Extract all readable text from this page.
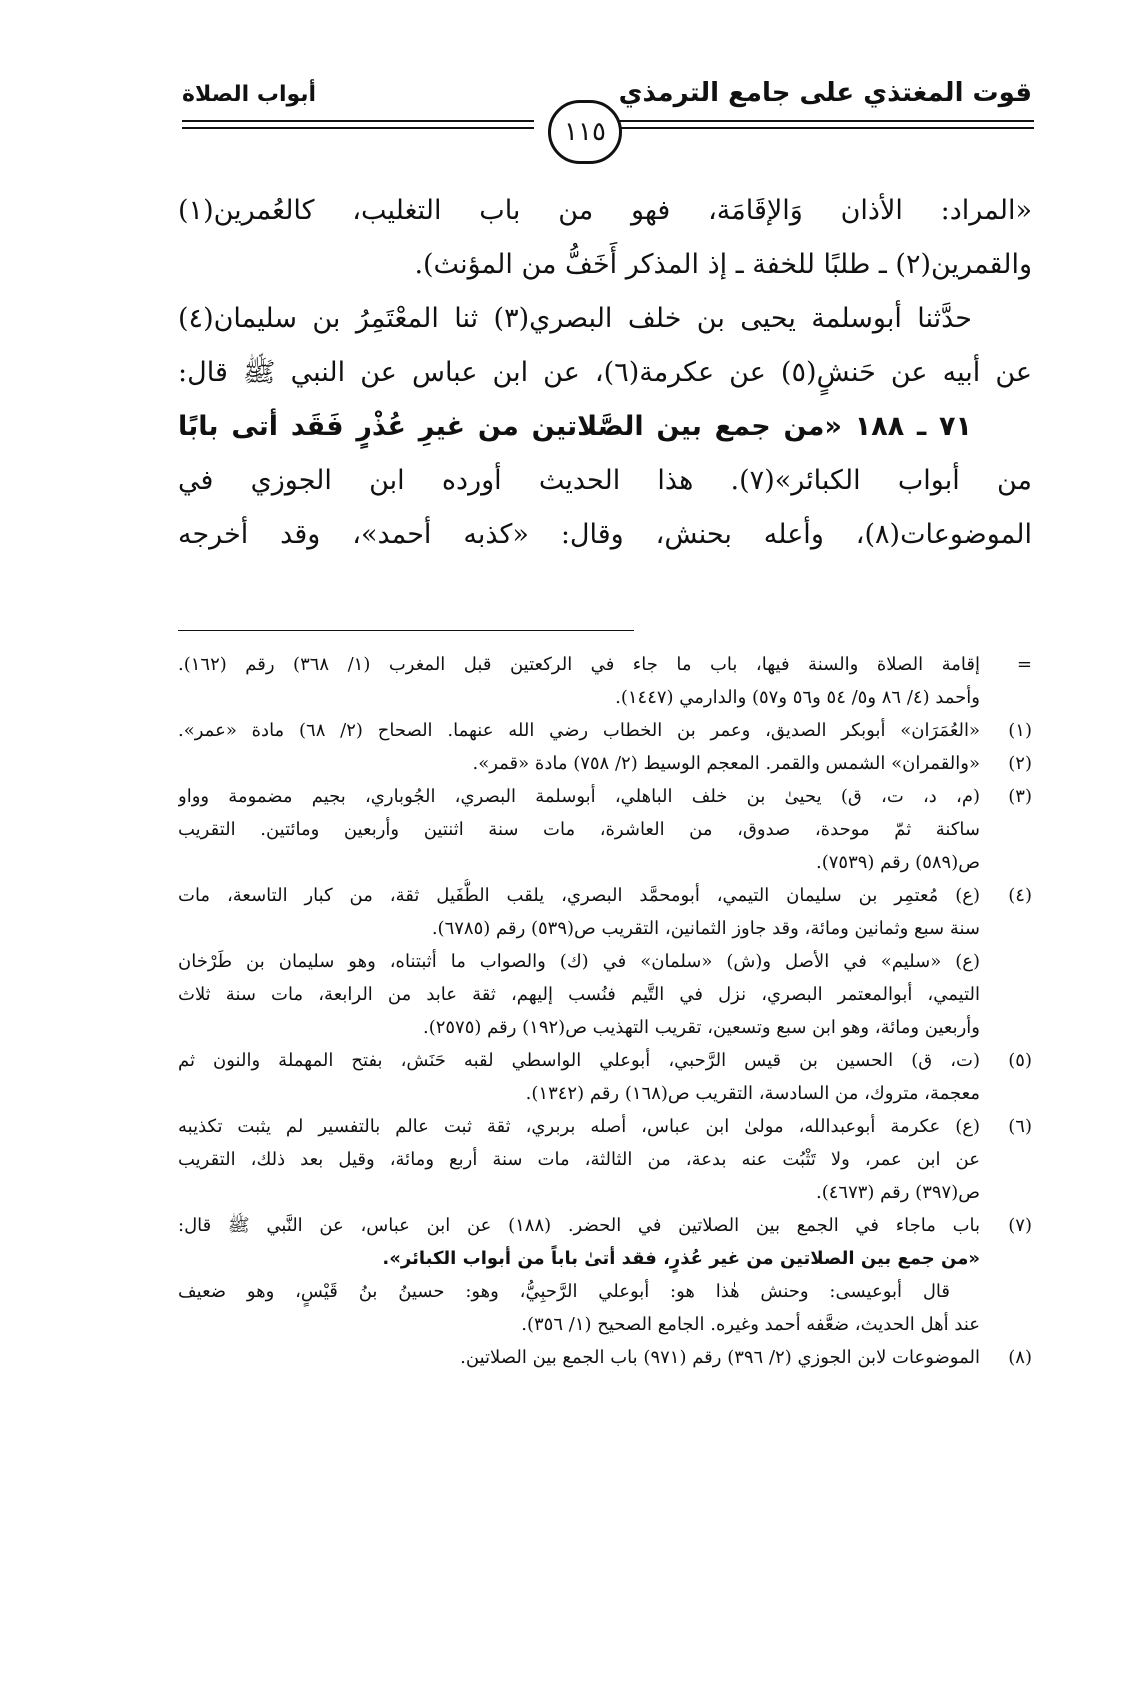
قوت المغتذي على جامع الترمذي
أبواب الصلاة
١١٥
«المراد: الأذان وَالإقَامَة، فهو من باب التغليب، كالعُمرين(١)
والقمرين(٢) ـ طلبًا للخفة ـ إذ المذكر أَخَفُّ من المؤنث).
حدَّثنا أبوسلمة يحيى بن خلف البصري(٣) ثنا المعْتَمِرُ بن سليمان(٤)
عن أبيه عن حَنشٍ(٥) عن عكرمة(٦)، عن ابن عباس عن النبي ﷺ قال:
٧١ ـ ١٨٨ «من جمع بين الصَّلاتين من غيرِ عُذْرٍ فَقَد أتى بابًا
من أبواب الكبائر»(٧). هذا الحديث أورده ابن الجوزي في
الموضوعات(٨)، وأعله بحنش، وقال: «كذبه أحمد»، وقد أخرجه
=
إقامة الصلاة والسنة فيها، باب ما جاء في الركعتين قبل المغرب (١/ ٣٦٨) رقم (١٦٢).
وأحمد (٤/ ٨٦ و٥/ ٥٤ و٥٦ و٥٧) والدارمي (١٤٤٧).
(١)
«العُمَرَان» أبوبكر الصديق، وعمر بن الخطاب رضي الله عنهما. الصحاح (٢/ ٦٨) مادة «عمر».
(٢)
«والقمران» الشمس والقمر. المعجم الوسيط (٢/ ٧٥٨) مادة «قمر».
(٣)
(م، د، ت، ق) يحيىٰ بن خلف الباهلي، أبوسلمة البصري، الجُوباري، بجيم مضمومة وواو
ساكنة ثمّ موحدة، صدوق، من العاشرة، مات سنة اثنتين وأربعين ومائتين. التقريب
ص(٥٨٩) رقم (٧٥٣٩).
(٤)
(ع) مُعتمِر بن سليمان التيمي، أبومحمَّد البصري، يلقب الطُّفَيل ثقة، من كبار التاسعة، مات
سنة سبع وثمانين ومائة، وقد جاوز الثمانين، التقريب ص(٥٣٩) رقم (٦٧٨٥).
(ع) «سليم» في الأصل و(ش) «سلمان» في (ك) والصواب ما أثبتناه، وهو سليمان بن طَرْخان
التيمي، أبوالمعتمر البصري، نزل في التَّيم فنُسب إليهم، ثقة عابد من الرابعة، مات سنة ثلاث
وأربعين ومائة، وهو ابن سبع وتسعين، تقريب التهذيب ص(١٩٢) رقم (٢٥٧٥).
(٥)
(ت، ق) الحسين بن قيس الرَّحبي، أبوعلي الواسطي لقبه حَنَش، بفتح المهملة والنون ثم
معجمة، متروك، من السادسة، التقريب ص(١٦٨) رقم (١٣٤٢).
(٦)
(ع) عكرمة أبوعبدالله، مولىٰ ابن عباس، أصله بربري، ثقة ثبت عالم بالتفسير لم يثبت تكذيبه
عن ابن عمر، ولا تَثْبُت عنه بدعة، من الثالثة، مات سنة أربع ومائة، وقيل بعد ذلك، التقريب
ص(٣٩٧) رقم (٤٦٧٣).
(٧)
باب ماجاء في الجمع بين الصلاتين في الحضر. (١٨٨) عن ابن عباس، عن النَّبي ﷺ قال:
«من جمع بين الصلاتين من غير عُذرٍ، فقد أتىٰ باباً من أبواب الكبائر».
قال أبوعيسى: وحنش هٰذا هو: أبوعلي الرَّحبِيُّ، وهو: حسينُ بنُ قَيْسٍ، وهو ضعيف
عند أهل الحديث، ضعَّفه أحمد وغيره. الجامع الصحيح (١/ ٣٥٦).
(٨)
الموضوعات لابن الجوزي (٢/ ٣٩٦) رقم (٩٧١) باب الجمع بين الصلاتين.
